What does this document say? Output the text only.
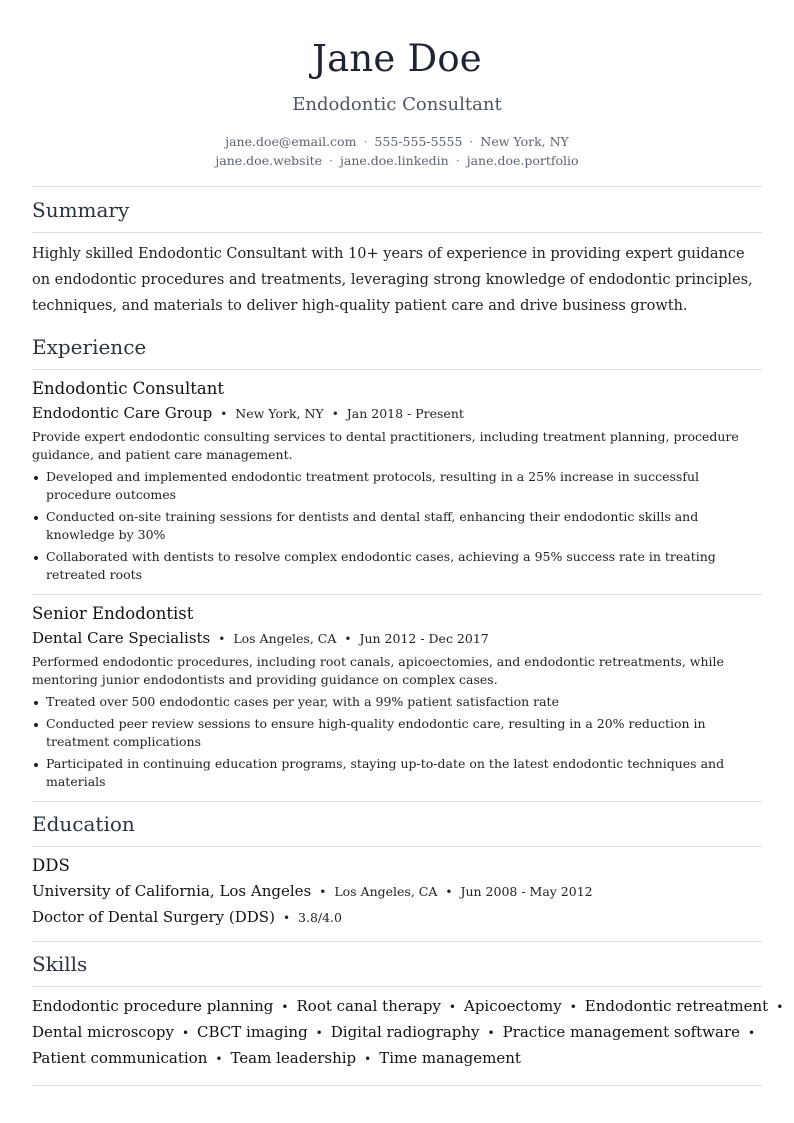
Jane Doe
Endodontic Consultant
jane.doe@email.com · 555-555-5555 · New York, NY
jane.doe.website · jane.doe.linkedin · jane.doe.portfolio
Summary

Highly skilled Endodontic Consultant with 10+ years of experience in providing expert guidance on endodontic procedures and treatments, leveraging strong knowledge of endodontic principles, techniques, and materials to deliver high-quality patient care and drive business growth.

Experience
Endodontic Consultant
Endodontic Care Group • New York, NY • Jan 2018 - Present
Provide expert endodontic consulting services to dental practitioners, including treatment planning, procedure guidance, and patient care management.
Developed and implemented endodontic treatment protocols, resulting in a 25% increase in successful procedure outcomes
Conducted on-site training sessions for dentists and dental staff, enhancing their endodontic skills and knowledge by 30%
Collaborated with dentists to resolve complex endodontic cases, achieving a 95% success rate in treating retreated roots
Senior Endodontist
Dental Care Specialists • Los Angeles, CA • Jun 2012 - Dec 2017
Performed endodontic procedures, including root canals, apicoectomies, and endodontic retreatments, while mentoring junior endodontists and providing guidance on complex cases.
Treated over 500 endodontic cases per year, with a 99% patient satisfaction rate
Conducted peer review sessions to ensure high-quality endodontic care, resulting in a 20% reduction in treatment complications
Participated in continuing education programs, staying up-to-date on the latest endodontic techniques and materials
Education
DDS
University of California, Los Angeles • Los Angeles, CA • Jun 2008 - May 2012
Doctor of Dental Surgery (DDS) • 3.8/4.0
Skills
Endodontic procedure planning • Root canal therapy • Apicoectomy • Endodontic retreatment •
Dental microscopy • CBCT imaging • Digital radiography • Practice management software •
Patient communication • Team leadership • Time management
